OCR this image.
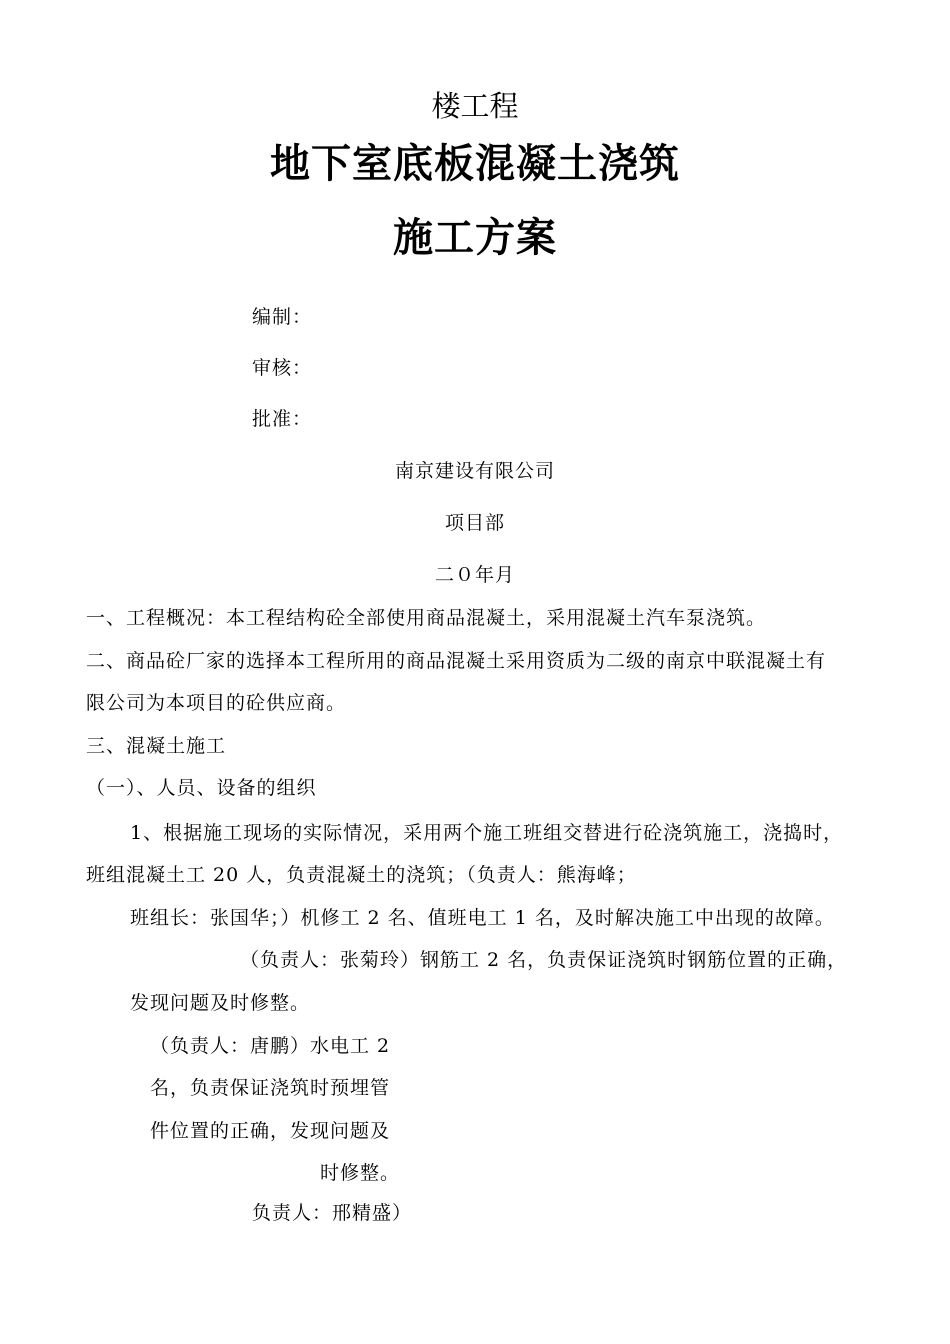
楼工程
地下室底板混凝土浇筑
施工方案
编制：
审核：
批准：
南京建设有限公司
项目部
二０年月
一、工程概况：本工程结构砼全部使用商品混凝土，采用混凝土汽车泵浇筑。
二、商品砼厂家的选择本工程所用的商品混凝土采用资质为二级的南京中联混凝土有
限公司为本项目的砼供应商。
三、混凝土施工
（一）、人员、设备的组织
1、根据施工现场的实际情况，采用两个施工班组交替进行砼浇筑施工，浇捣时，
班组混凝土工 20 人，负责混凝土的浇筑；（负责人：熊海峰；
班组长：张国华；）机修工 2 名、值班电工 1 名，及时解决施工中出现的故障。
（负责人：张菊玲）钢筋工 2 名，负责保证浇筑时钢筋位置的正确，
发现问题及时修整。
（负责人：唐鹏）水电工 2
名，负责保证浇筑时预埋管
件位置的正确，发现问题及
时修整。
负责人：邢精盛）
